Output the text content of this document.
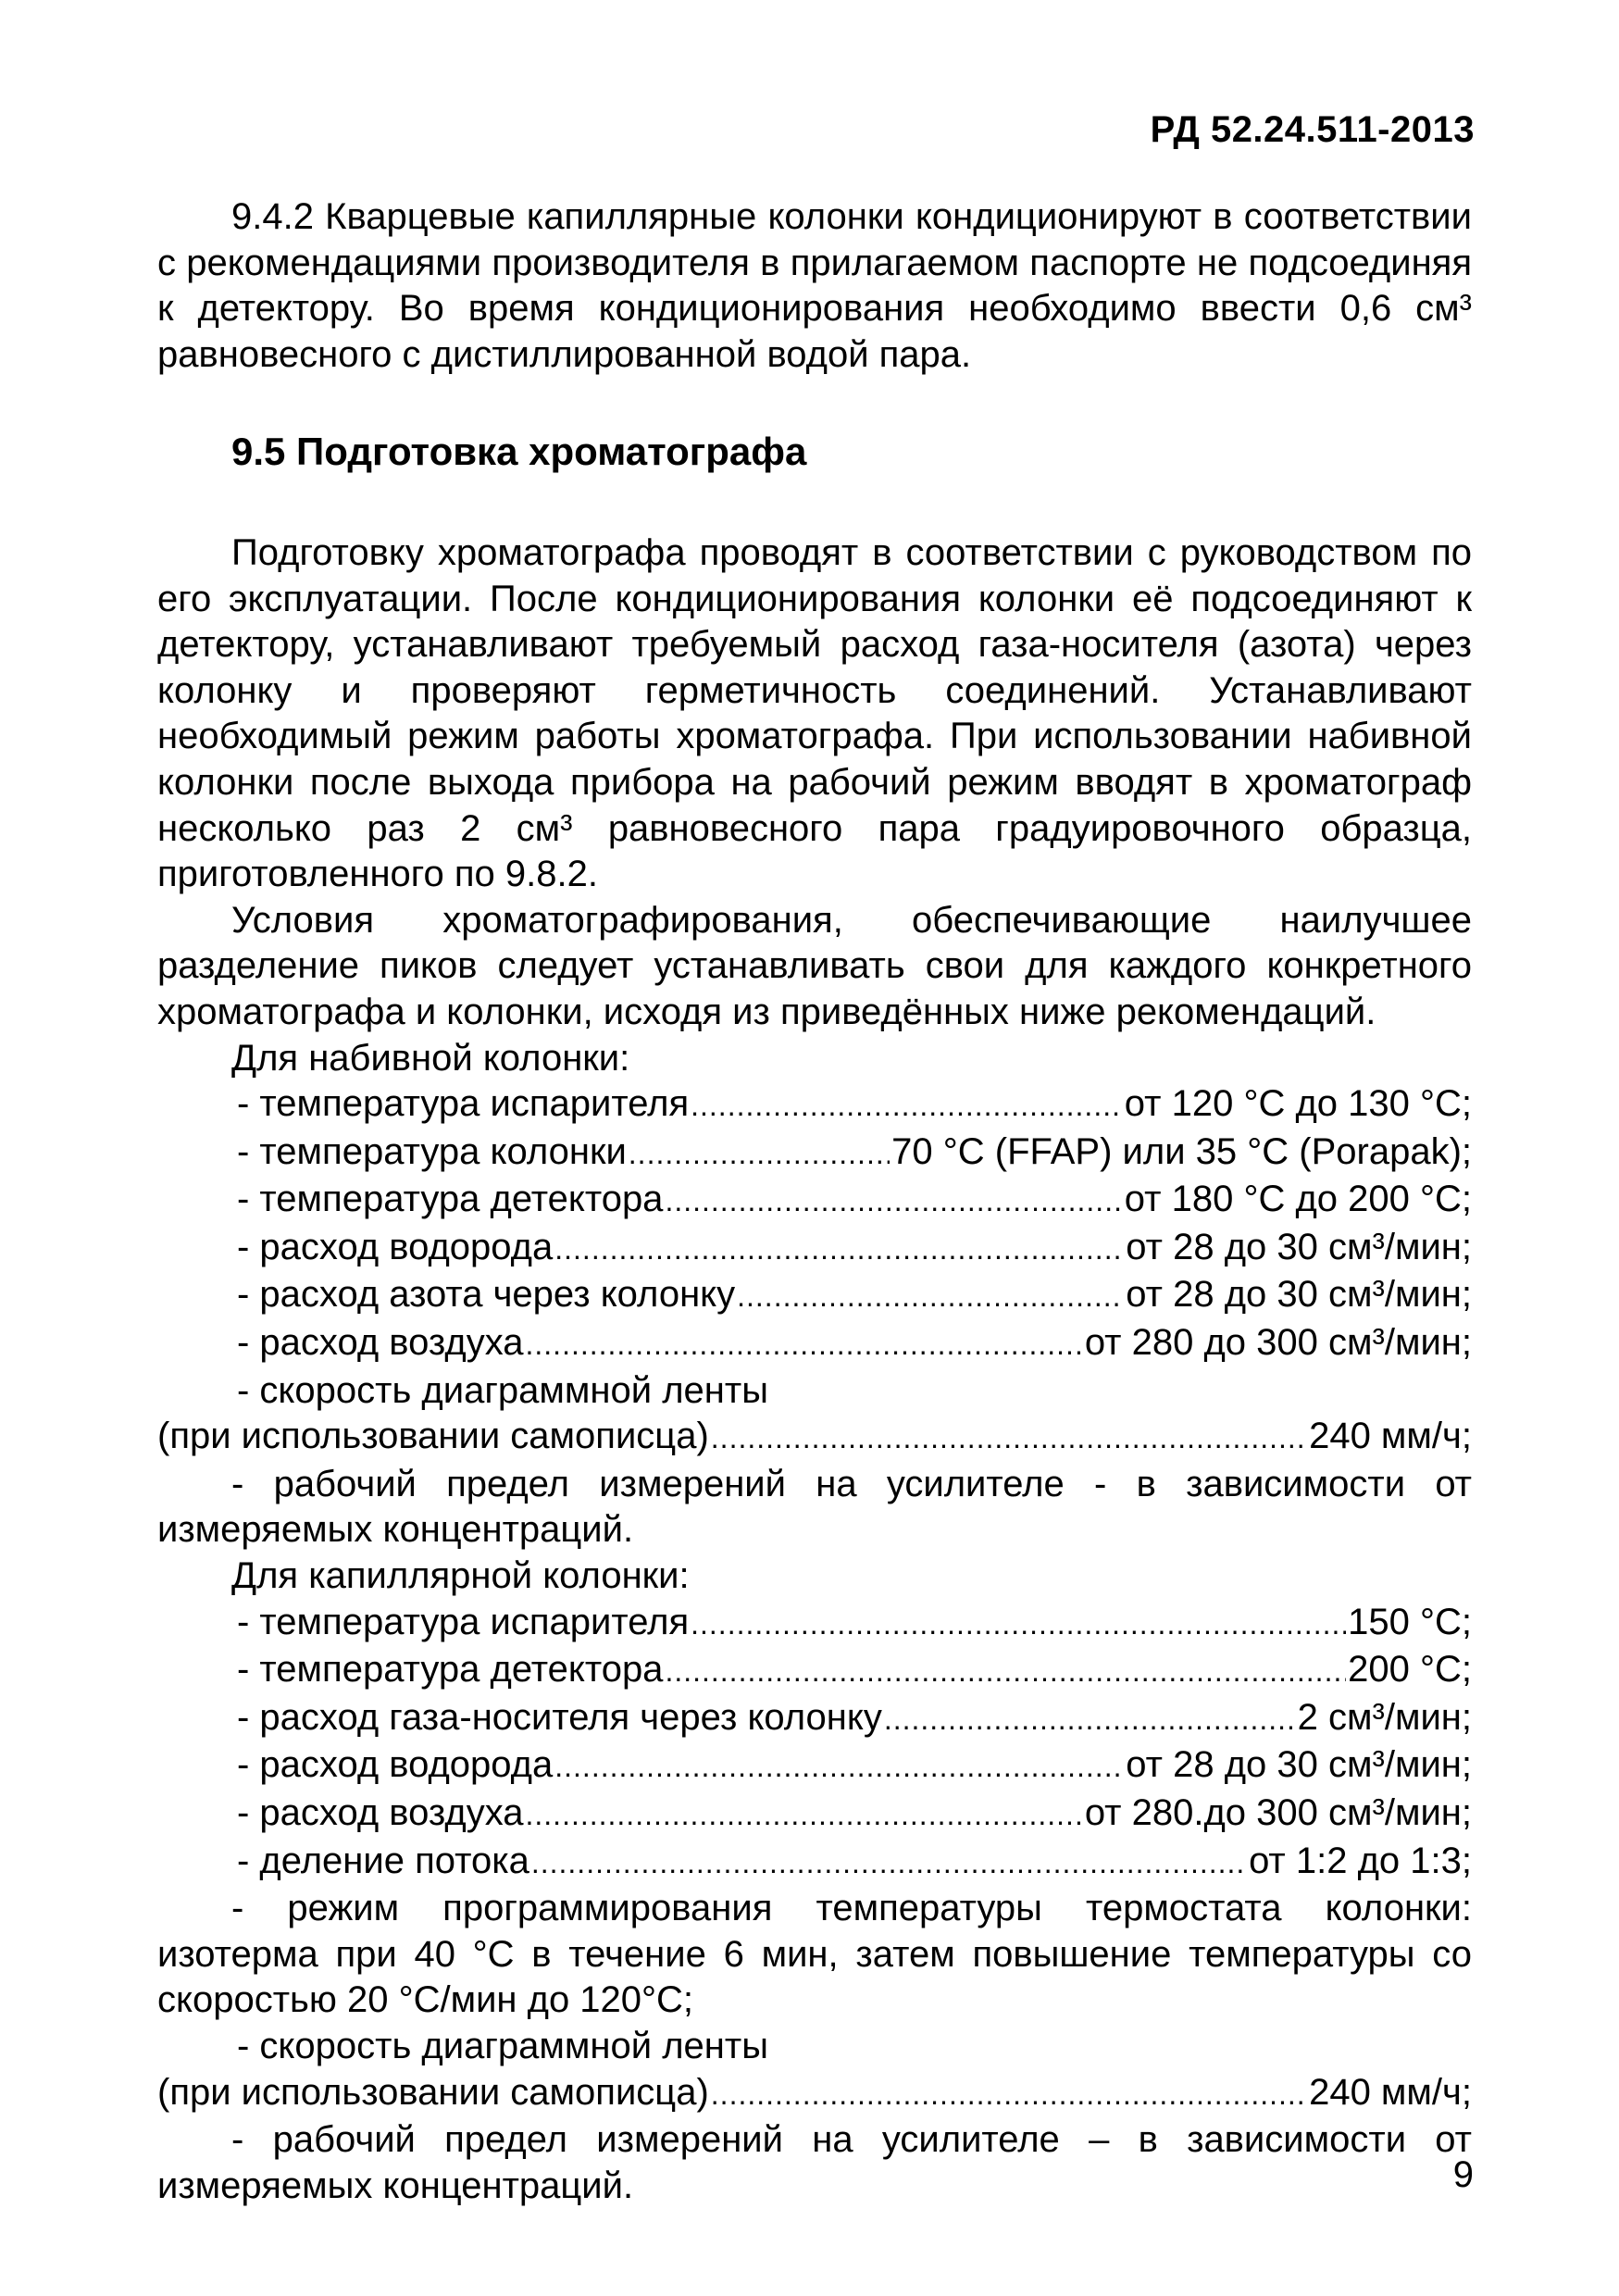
РД 52.24.511-2013

9.4.2 Кварцевые капиллярные колонки кондиционируют в соответствии с рекомендациями производителя в прилагаемом паспорте не подсоединяя к детектору. Во время кондиционирования необходимо ввести 0,6 см³ равновесного с дистиллированной водой пара.

9.5 Подготовка хроматографа

Подготовку хроматографа проводят в соответствии с руководством по его эксплуатации. После кондиционирования колонки её подсоединяют к детектору, устанавливают требуемый расход газа-носителя (азота) через колонку и проверяют герметичность соединений. Устанавливают необходимый режим работы хроматографа. При использовании набивной колонки после выхода прибора на рабочий режим вводят в хроматограф несколько раз 2 см³ равновесного пара градуировочного образца, приготовленного по 9.8.2.

Условия хроматографирования, обеспечивающие наилучшее разделение пиков следует устанавливать свои для каждого конкретного хроматографа и колонки, исходя из приведённых ниже рекомендаций.

Для набивной колонки:
- температура испарителя .....	от 120 °С до 130 °С;
- температура колонки .....	70 °С (FFAP) или 35 °С (Porapak);
- температура детектора .....	от 180 °С до 200 °С;
- расход водорода .....	от 28 до 30 см³/мин;
- расход азота через колонку .....	от 28 до 30 см³/мин;
- расход воздуха .....	от 280 до 300 см³/мин;
- скорость диаграммной ленты
(при использовании самописца) .....	240 мм/ч;

- рабочий предел измерений на усилителе - в зависимости от измеряемых концентраций.

Для капиллярной колонки:
- температура испарителя .....	150 °С;
- температура детектора .....	200 °С;
- расход газа-носителя через колонку .....	2 см³/мин;
- расход водорода .....	от 28 до 30 см³/мин;
- расход воздуха .....	от 280.до 300 см³/мин;
- деление потока .....	от 1:2 до 1:3;

- режим программирования температуры термостата колонки: изотерма при 40 °С в течение 6 мин, затем повышение температуры со скоростью 20 °С/мин до 120°С;

- скорость диаграммной ленты
(при использовании самописца) .....	240 мм/ч;

- рабочий предел измерений на усилителе – в зависимости от измеряемых концентраций.	9
